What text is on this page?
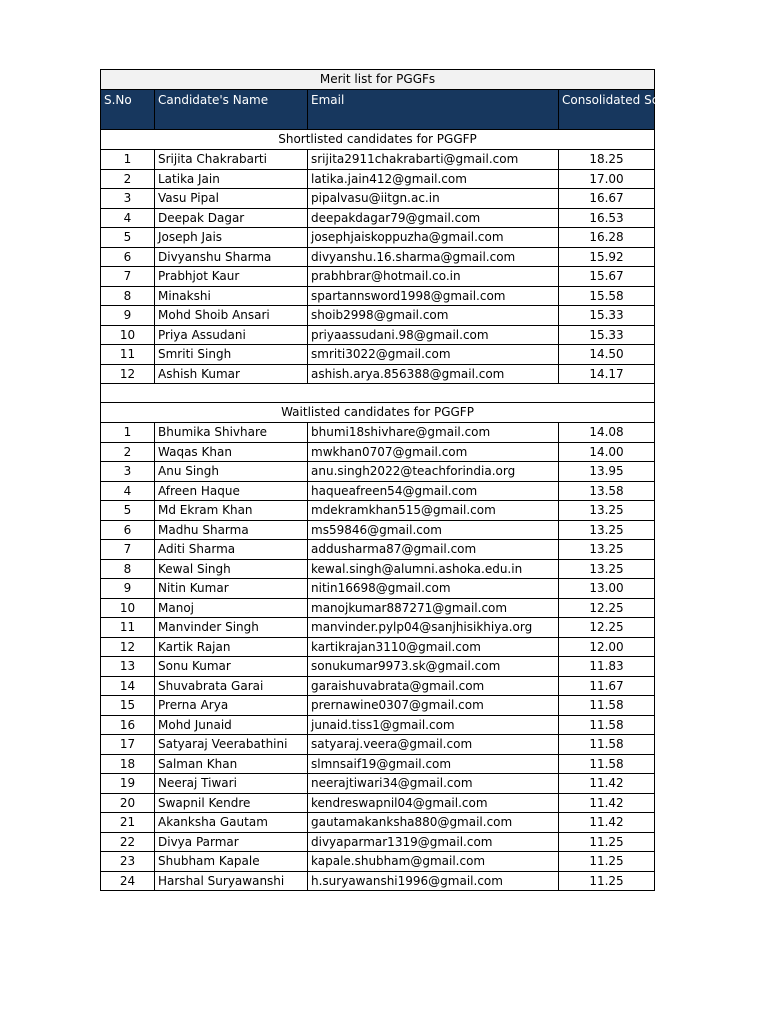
Merit list for PGGFs			
S.No	Candidate's Name	Email	Consolidated Score
Shortlisted candidates for PGGFP			
1	Srijita Chakrabarti	srijita2911chakrabarti@gmail.com	18.25
2	Latika Jain	latika.jain412@gmail.com	17.00
3	Vasu Pipal	pipalvasu@iitgn.ac.in	16.67
4	Deepak Dagar	deepakdagar79@gmail.com	16.53
5	Joseph Jais	josephjaiskoppuzha@gmail.com	16.28
6	Divyanshu Sharma	divyanshu.16.sharma@gmail.com	15.92
7	Prabhjot Kaur	prabhbrar@hotmail.co.in	15.67
8	Minakshi	spartannsword1998@gmail.com	15.58
9	Mohd Shoib Ansari	shoib2998@gmail.com	15.33
10	Priya Assudani	priyaassudani.98@gmail.com	15.33
11	Smriti Singh	smriti3022@gmail.com	14.50
12	Ashish Kumar	ashish.arya.856388@gmail.com	14.17

Waitlisted candidates for PGGFP			
1	Bhumika Shivhare	bhumi18shivhare@gmail.com	14.08
2	Waqas Khan	mwkhan0707@gmail.com	14.00
3	Anu Singh	anu.singh2022@teachforindia.org	13.95
4	Afreen Haque	haqueafreen54@gmail.com	13.58
5	Md Ekram Khan	mdekramkhan515@gmail.com	13.25
6	Madhu Sharma	ms59846@gmail.com	13.25
7	Aditi Sharma	addusharma87@gmail.com	13.25
8	Kewal Singh	kewal.singh@alumni.ashoka.edu.in	13.25
9	Nitin Kumar	nitin16698@gmail.com	13.00
10	Manoj	manojkumar887271@gmail.com	12.25
11	Manvinder Singh	manvinder.pylp04@sanjhisikhiya.org	12.25
12	Kartik Rajan	kartikrajan3110@gmail.com	12.00
13	Sonu Kumar	sonukumar9973.sk@gmail.com	11.83
14	Shuvabrata Garai	garaishuvabrata@gmail.com	11.67
15	Prerna Arya	prernawine0307@gmail.com	11.58
16	Mohd Junaid	junaid.tiss1@gmail.com	11.58
17	Satyaraj Veerabathini	satyaraj.veera@gmail.com	11.58
18	Salman Khan	slmnsaif19@gmail.com	11.58
19	Neeraj Tiwari	neerajtiwari34@gmail.com	11.42
20	Swapnil Kendre	kendreswapnil04@gmail.com	11.42
21	Akanksha Gautam	gautamakanksha880@gmail.com	11.42
22	Divya Parmar	divyaparmar1319@gmail.com	11.25
23	Shubham Kapale	kapale.shubham@gmail.com	11.25
24	Harshal Suryawanshi	h.suryawanshi1996@gmail.com	11.25
